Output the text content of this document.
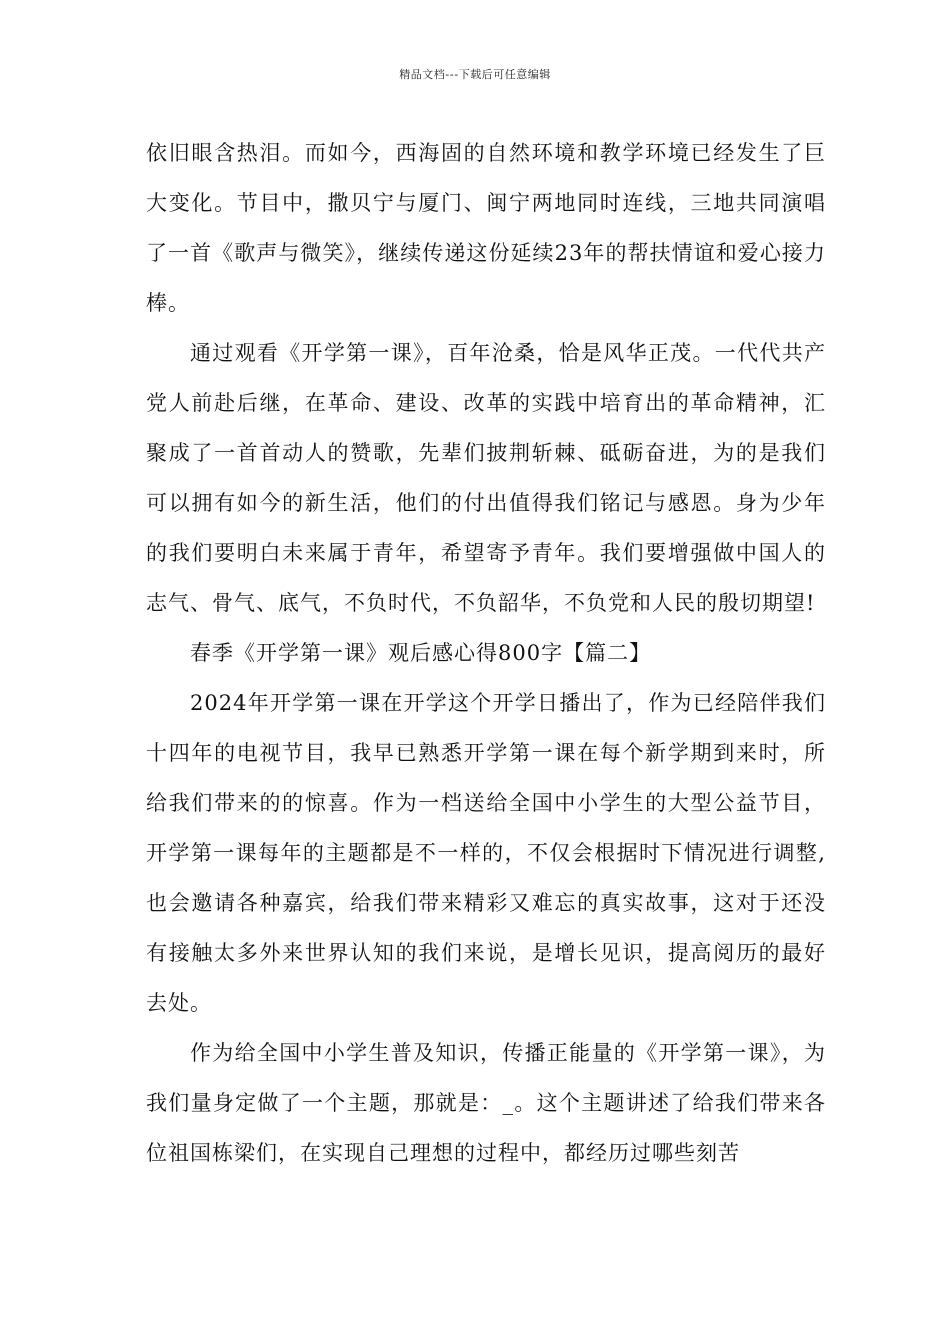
精品文档---下载后可任意编辑

依旧眼含热泪。而如今，西海固的自然环境和教学环境已经发生了巨大变化。节目中，撒贝宁与厦门、闽宁两地同时连线，三地共同演唱了一首《歌声与微笑》，继续传递这份延续23年的帮扶情谊和爱心接力棒。

通过观看《开学第一课》，百年沧桑，恰是风华正茂。一代代共产党人前赴后继，在革命、建设、改革的实践中培育出的革命精神，汇聚成了一首首动人的赞歌，先辈们披荆斩棘、砥砺奋进，为的是我们可以拥有如今的新生活，他们的付出值得我们铭记与感恩。身为少年的我们要明白未来属于青年，希望寄予青年。我们要增强做中国人的志气、骨气、底气，不负时代，不负韶华，不负党和人民的殷切期望!

春季《开学第一课》观后感心得800字【篇二】

2024年开学第一课在开学这个开学日播出了，作为已经陪伴我们十四年的电视节目，我早已熟悉开学第一课在每个新学期到来时，所给我们带来的的惊喜。作为一档送给全国中小学生的大型公益节目，开学第一课每年的主题都是不一样的，不仅会根据时下情况进行调整,也会邀请各种嘉宾，给我们带来精彩又难忘的真实故事，这对于还没有接触太多外来世界认知的我们来说，是增长见识，提高阅历的最好去处。

作为给全国中小学生普及知识，传播正能量的《开学第一课》，为我们量身定做了一个主题，那就是：_。这个主题讲述了给我们带来各位祖国栋梁们，在实现自己理想的过程中，都经历过哪些刻苦
